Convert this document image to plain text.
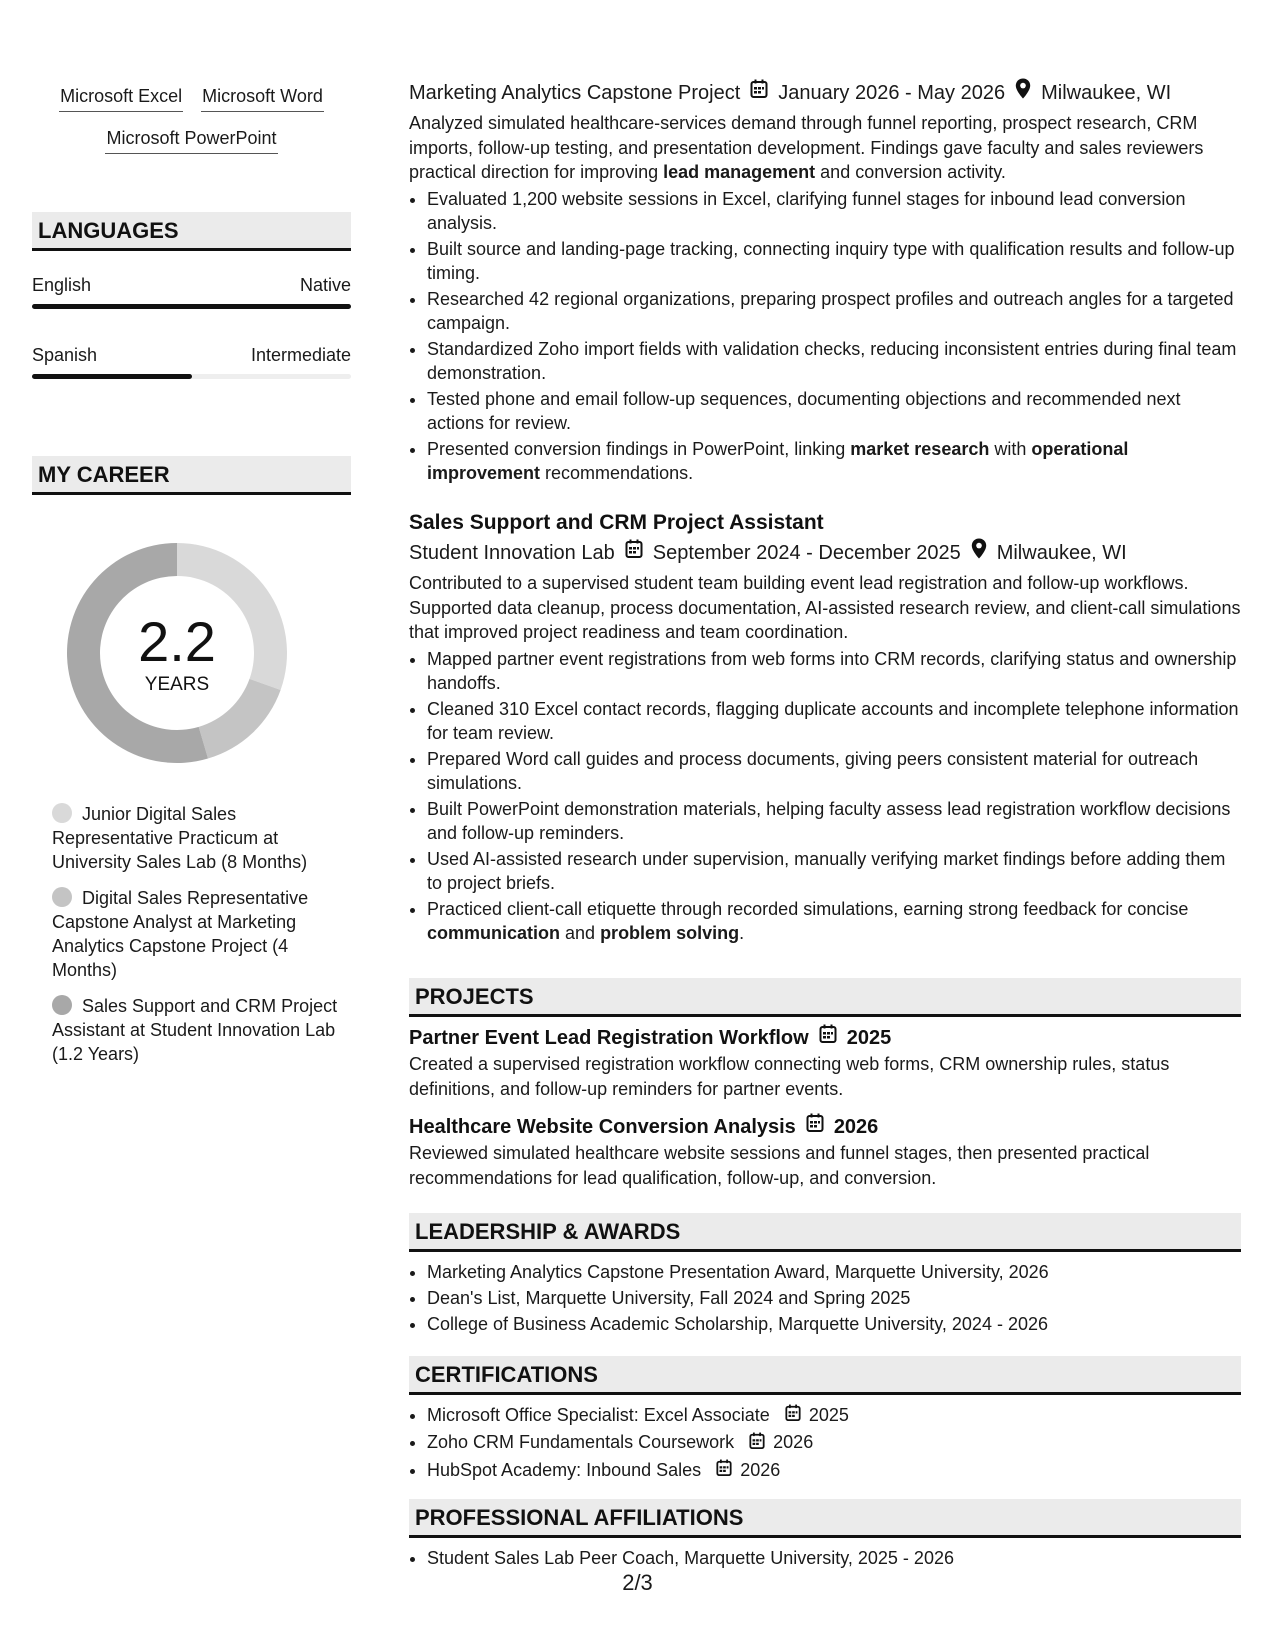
Microsoft Excel Microsoft Word
Microsoft PowerPoint
LANGUAGES
English	Native
Spanish	Intermediate
MY CAREER
2.2
YEARS
Junior Digital Sales Representative Practicum at University Sales Lab (8 Months)
Digital Sales Representative Capstone Analyst at Marketing Analytics Capstone Project (4 Months)
Sales Support and CRM Project Assistant at Student Innovation Lab (1.2 Years)
Marketing Analytics Capstone Project January 2026 - May 2026 Milwaukee, WI

Analyzed simulated healthcare-services demand through funnel reporting, prospect research, CRM imports, follow-up testing, and presentation development. Findings gave faculty and sales reviewers practical direction for improving lead management and conversion activity.

• Evaluated 1,200 website sessions in Excel, clarifying funnel stages for inbound lead conversion analysis.
• Built source and landing-page tracking, connecting inquiry type with qualification results and follow-up timing.
• Researched 42 regional organizations, preparing prospect profiles and outreach angles for a targeted campaign.
• Standardized Zoho import fields with validation checks, reducing inconsistent entries during final team demonstration.
• Tested phone and email follow-up sequences, documenting objections and recommended next actions for review.
• Presented conversion findings in PowerPoint, linking market research with operational improvement recommendations.
Sales Support and CRM Project Assistant
Student Innovation Lab September 2024 - December 2025 Milwaukee, WI

Contributed to a supervised student team building event lead registration and follow-up workflows. Supported data cleanup, process documentation, AI-assisted research review, and client-call simulations that improved project readiness and team coordination.

• Mapped partner event registrations from web forms into CRM records, clarifying status and ownership handoffs.
• Cleaned 310 Excel contact records, flagging duplicate accounts and incomplete telephone information for team review.
• Prepared Word call guides and process documents, giving peers consistent material for outreach simulations.
• Built PowerPoint demonstration materials, helping faculty assess lead registration workflow decisions and follow-up reminders.
• Used AI-assisted research under supervision, manually verifying market findings before adding them to project briefs.
• Practiced client-call etiquette through recorded simulations, earning strong feedback for concise communication and problem solving.
PROJECTS
Partner Event Lead Registration Workflow 2025

Created a supervised registration workflow connecting web forms, CRM ownership rules, status definitions, and follow-up reminders for partner events.

Healthcare Website Conversion Analysis 2026

Reviewed simulated healthcare website sessions and funnel stages, then presented practical recommendations for lead qualification, follow-up, and conversion.

LEADERSHIP & AWARDS
• Marketing Analytics Capstone Presentation Award, Marquette University, 2026
• Dean's List, Marquette University, Fall 2024 and Spring 2025
• College of Business Academic Scholarship, Marquette University, 2024 - 2026
CERTIFICATIONS
• Microsoft Office Specialist: Excel Associate 2025
• Zoho CRM Fundamentals Coursework 2026
• HubSpot Academy: Inbound Sales 2026
PROFESSIONAL AFFILIATIONS
• Student Sales Lab Peer Coach, Marquette University, 2025 - 2026
2/3
